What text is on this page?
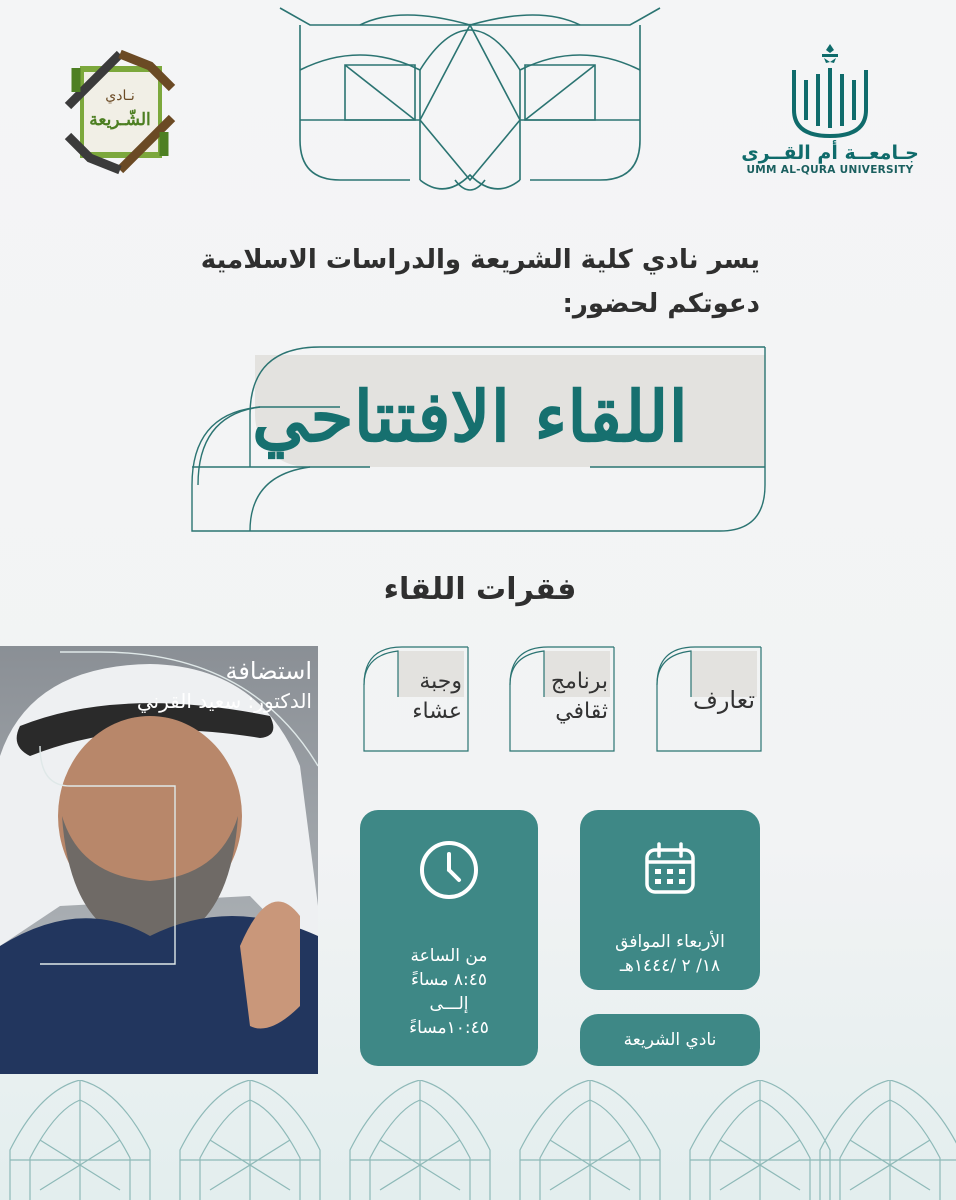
جـامعــة أم القــرى
UMM AL-QURA UNIVERSITY
نـادي
الشّـريعة
يسر نادي كلية الشريعة والدراسات الاسلامية
دعوتكم لحضور:
اللقاء الافتتاحي
فقرات اللقاء
تعارف
برنامج
ثقافي
وجبة
عشاء
استضافة
الدكتور: سعيد القرني
الأربعاء الموافق
١٨/ ٢ /١٤٤٤هـ
من الساعة
٨:٤٥ مساءً
إلـــى
١٠:٤٥مساءً
نادي الشريعة
